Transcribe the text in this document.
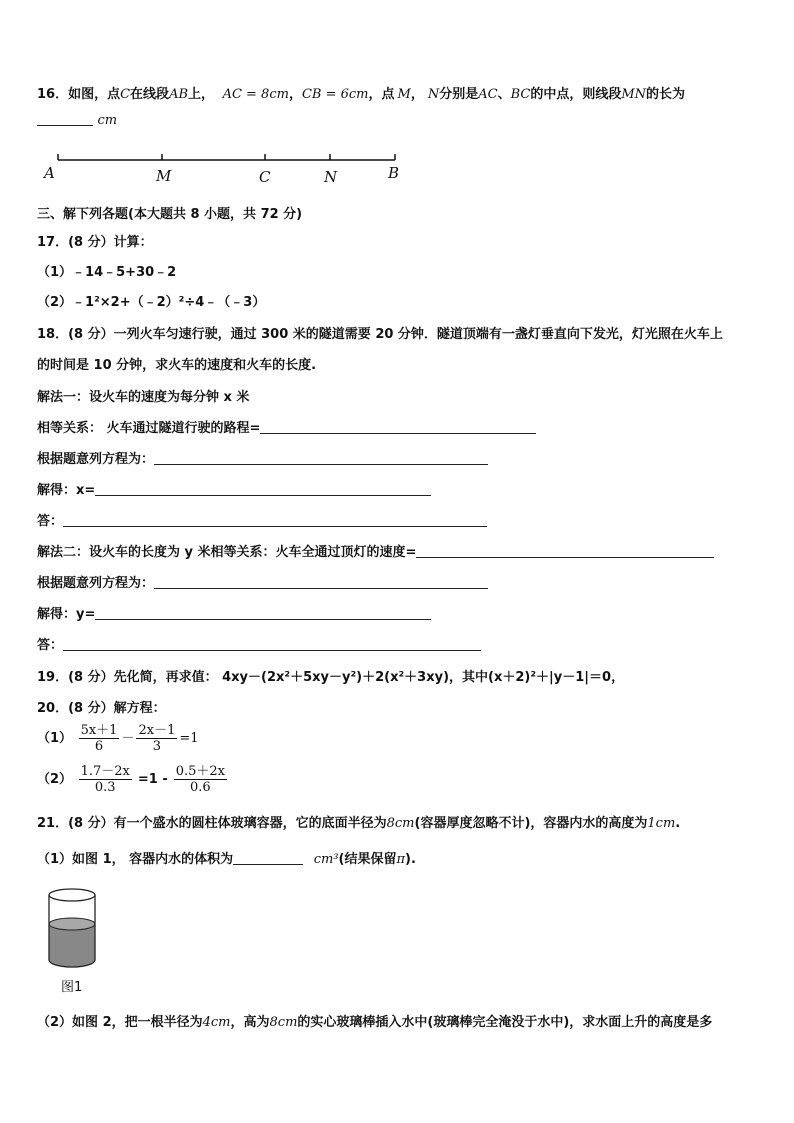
16．如图，点C在线段AB上， AC = 8cm，CB = 6cm，点 M， N分别是AC、BC的中点，则线段MN的长为
cm
A	M	C	N	B
三、解下列各题(本大题共 8 小题，共 72 分)
17．(8 分）计算：
（1）﹣14﹣5+30﹣2
（2）﹣1²×2+（﹣2）²÷4﹣（﹣3）
18．(8 分）一列火车匀速行驶，通过 300 米的隧道需要 20 分钟．隧道顶端有一盏灯垂直向下发光，灯光照在火车上
的时间是 10 分钟，求火车的速度和火车的长度.
解法一：设火车的速度为每分钟 x 米
相等关系： 火车通过隧道行驶的路程=
根据题意列方程为：
解得：x=
答：
解法二：设火车的长度为 y 米相等关系：火车全通过顶灯的速度=
根据题意列方程为：
解得：y=
答：
19．(8 分）先化简，再求值： 4xy－(2x²＋5xy－y²)＋2(x²＋3xy)，其中(x＋2)²＋|y－1|＝0，
20．(8 分）解方程：
$(1) \frac{5x+1}{6} - \frac{2x-1}{3} =1$
$(2) \frac{1.7-2x}{0.3} =1 - \frac{0.5+2x}{0.6}$
21．(8 分）有一个盛水的圆柱体玻璃容器，它的底面半径为8cm(容器厚度忽略不计)，容器内水的高度为1cm.
（1）如图 1， 容器内水的体积为	cm³(结果保留π).
图1
（2）如图 2，把一根半径为4cm，高为8cm的实心玻璃棒插入水中(玻璃棒完全淹没于水中)，求水面上升的高度是多
